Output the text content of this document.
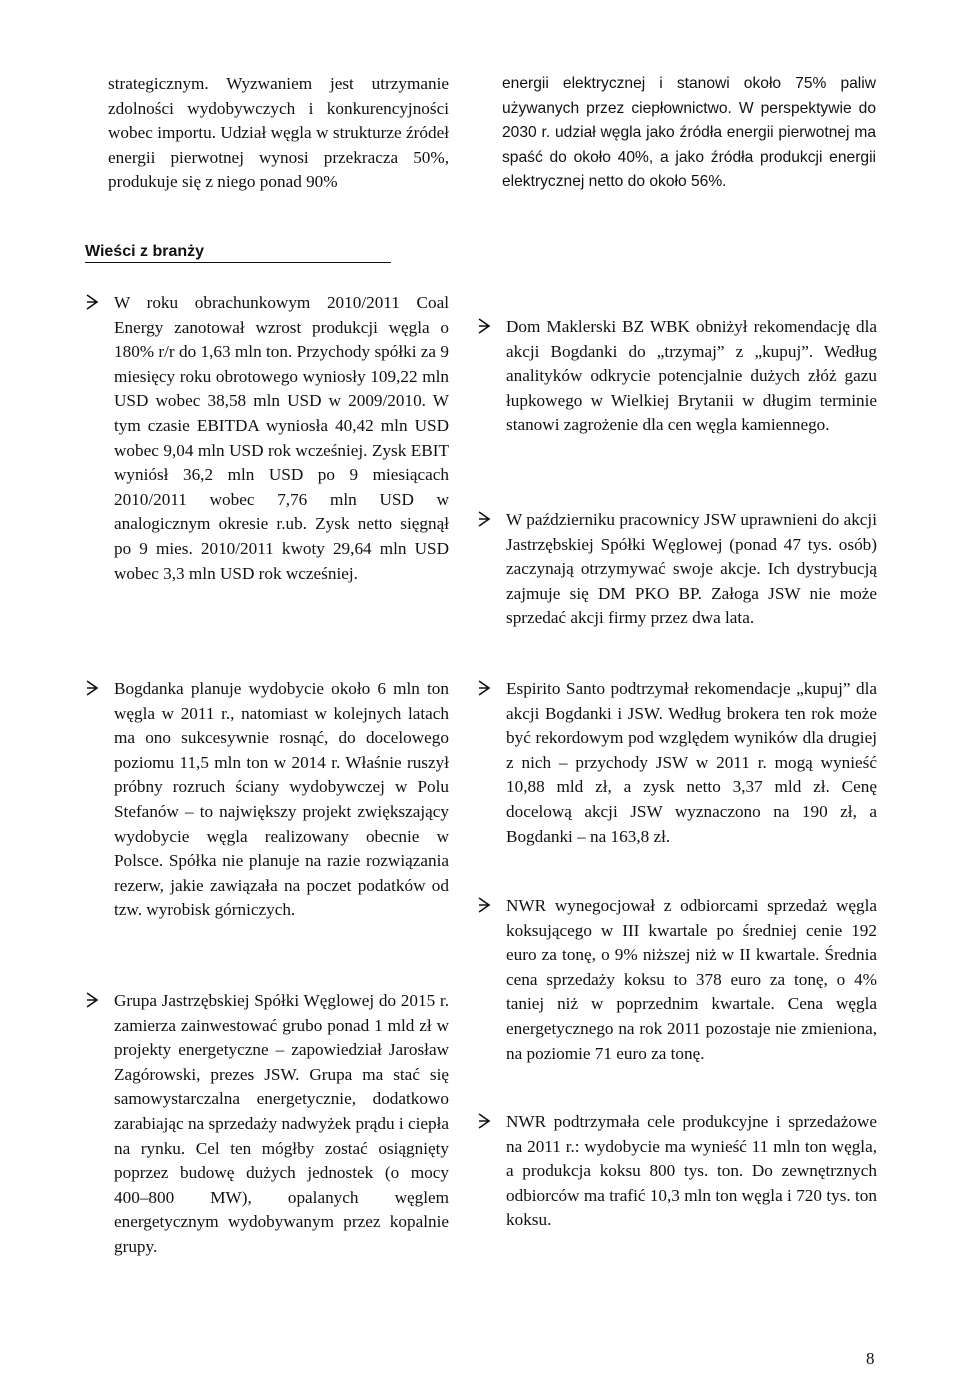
strategicznym. Wyzwaniem jest utrzymanie zdolności wydobywczych i konkurencyjności wobec importu. Udział węgla w strukturze źródeł energii pierwotnej wynosi przekracza 50%, produkuje się z niego ponad 90%

energii elektrycznej i stanowi około 75% paliw używanych przez ciepłownictwo. W perspektywie do 2030 r. udział węgla jako źródła energii pierwotnej ma spaść do około 40%, a jako źródła produkcji energii elektrycznej netto do około 56%.

Wieści z branży
W roku obrachunkowym 2010/2011 Coal Energy zanotował wzrost produkcji węgla o 180% r/r do 1,63 mln ton. Przychody spółki za 9 miesięcy roku obrotowego wyniosły 109,22 mln USD wobec 38,58 mln USD w 2009/2010. W tym czasie EBITDA wyniosła 40,42 mln USD wobec 9,04 mln USD rok wcześniej. Zysk EBIT wyniósł 36,2 mln USD po 9 miesiącach 2010/2011 wobec 7,76 mln USD w analogicznym okresie r.ub. Zysk netto sięgnął po 9 mies. 2010/2011 kwoty 29,64 mln USD wobec 3,3 mln USD rok wcześniej.
Bogdanka planuje wydobycie około 6 mln ton węgla w 2011 r., natomiast w kolejnych latach ma ono sukcesywnie rosnąć, do docelowego poziomu 11,5 mln ton w 2014 r. Właśnie ruszył próbny rozruch ściany wydobywczej w Polu Stefanów – to największy projekt zwiększający wydobycie węgla realizowany obecnie w Polsce. Spółka nie planuje na razie rozwiązania rezerw, jakie zawiązała na poczet podatków od tzw. wyrobisk górniczych.
Grupa Jastrzębskiej Spółki Węglowej do 2015 r. zamierza zainwestować grubo ponad 1 mld zł w projekty energetyczne – zapowiedział Jarosław Zagórowski, prezes JSW. Grupa ma stać się samowystarczalna energetycznie, dodatkowo zarabiając na sprzedaży nadwyżek prądu i ciepła na rynku. Cel ten mógłby zostać osiągnięty poprzez budowę dużych jednostek (o mocy 400–800 MW), opalanych węglem energetycznym wydobywanym przez kopalnie grupy.
Dom Maklerski BZ WBK obniżył rekomendację dla akcji Bogdanki do „trzymaj” z „kupuj”. Według analityków odkrycie potencjalnie dużych złóż gazu łupkowego w Wielkiej Brytanii w długim terminie stanowi zagrożenie dla cen węgla kamiennego.
W październiku pracownicy JSW uprawnieni do akcji Jastrzębskiej Spółki Węglowej (ponad 47 tys. osób) zaczynają otrzymywać swoje akcje. Ich dystrybucją zajmuje się DM PKO BP. Załoga JSW nie może sprzedać akcji firmy przez dwa lata.
Espirito Santo podtrzymał rekomendacje „kupuj” dla akcji Bogdanki i JSW. Według brokera ten rok może być rekordowym pod względem wyników dla drugiej z nich – przychody JSW w 2011 r. mogą wynieść 10,88 mld zł, a zysk netto 3,37 mld zł. Cenę docelową akcji JSW wyznaczono na 190 zł, a Bogdanki – na 163,8 zł.
NWR wynegocjował z odbiorcami sprzedaż węgla koksującego w III kwartale po średniej cenie 192 euro za tonę, o 9% niższej niż w II kwartale. Średnia cena sprzedaży koksu to 378 euro za tonę, o 4% taniej niż w poprzednim kwartale. Cena węgla energetycznego na rok 2011 pozostaje nie zmieniona, na poziomie 71 euro za tonę.
NWR podtrzymała cele produkcyjne i sprzedażowe na 2011 r.: wydobycie ma wynieść 11 mln ton węgla, a produkcja koksu 800 tys. ton. Do zewnętrznych odbiorców ma trafić 10,3 mln ton węgla i 720 tys. ton koksu.
8
